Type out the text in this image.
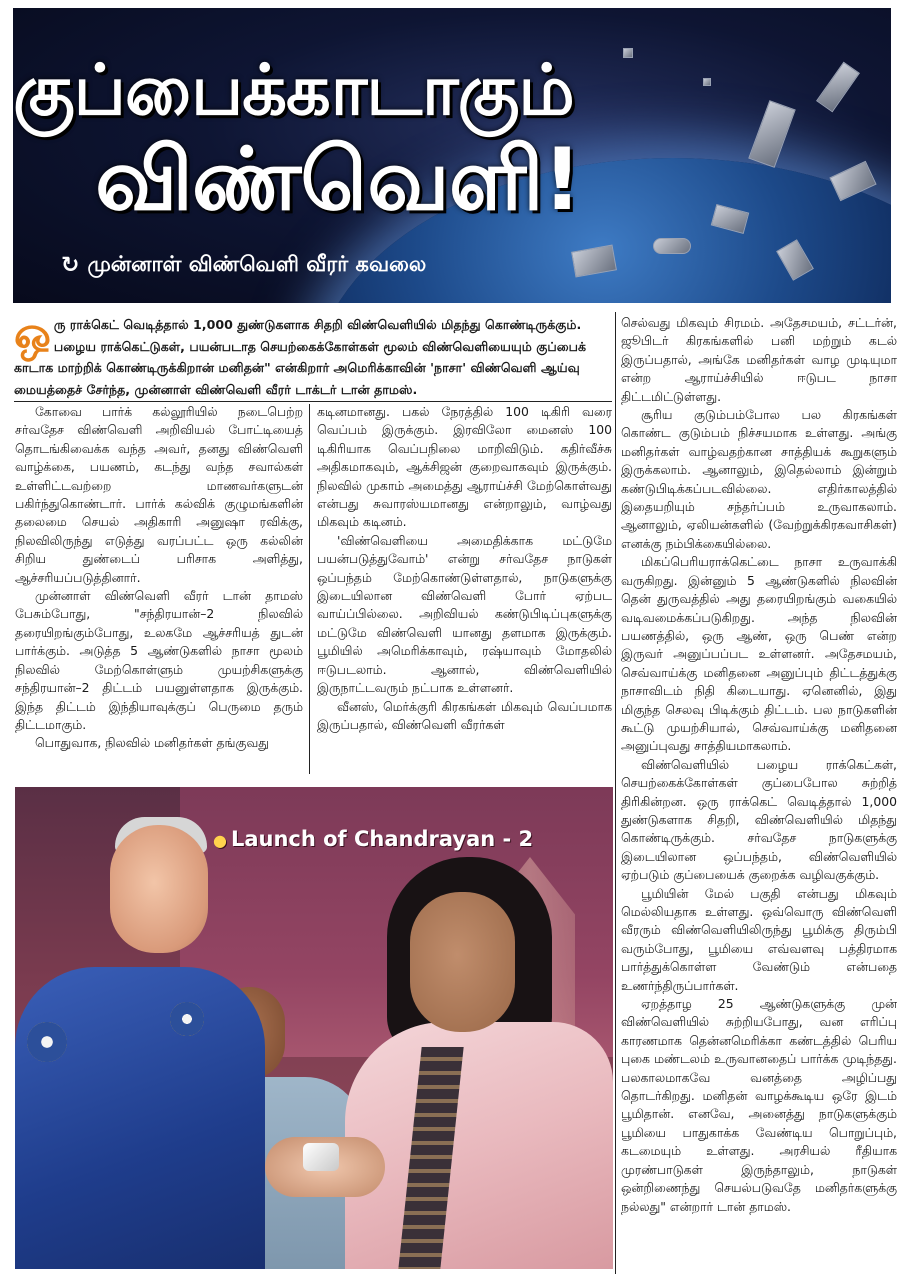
குப்பைக்காடாகும்
விண்வெளி!
↻ முன்னாள் விண்வெளி வீரர் கவலை
ஒ ரு ராக்கெட் வெடித்தால் 1,000 துண்டுகளாக சிதறி விண்வெளியில் மிதந்து கொண்டிருக்கும். பழைய ராக்கெட்டுகள், பயன்படாத செயற்கைக்கோள்கள் மூலம் விண்வெளியையும் குப்பைக் காடாக மாற்றிக் கொண்டிருக்கிறான் மனிதன்" என்கிறார் அமெரிக்காவின் 'நாசா' விண்வெளி ஆய்வு மையத்தைச் சேர்ந்த, முன்னாள் விண்வெளி வீரர் டாக்டர் டான் தாமஸ்.

கோவை பார்க் கல்லூரியில் நடைபெற்ற சர்வதேச விண்வெளி அறிவியல் போட்டியைத் தொடங்கிவைக்க வந்த அவர், தனது விண்வெளி வாழ்க்கை, பயணம், கடந்து வந்த சவால்கள் உள்ளிட்டவற்றை மாணவர்களுடன் பகிர்ந்துகொண்டார். பார்க் கல்விக் குழுமங்களின் தலைமை செயல் அதிகாரி அனுஷா ரவிக்கு, நிலவிலிருந்து எடுத்து வரப்பட்ட ஒரு கல்லின் சிறிய துண்டைப் பரிசாக அளித்து, ஆச்சரியப்படுத்தினார்.

முன்னாள் விண்வெளி வீரர் டான் தாமஸ் பேசும்போது, "சந்திரயான்–2 நிலவில் தரையிறங்கும்போது, உலகமே ஆச்சரியத் துடன் பார்க்கும். அடுத்த 5 ஆண்டுகளில் நாசா மூலம் நிலவில் மேற்கொள்ளும் முயற்சிகளுக்கு சந்திரயான்–2 திட்டம் பயனுள்ளதாக இருக்கும். இந்த திட்டம் இந்தியாவுக்குப் பெருமை தரும் திட்டமாகும்.

பொதுவாக, நிலவில் மனிதர்கள் தங்குவது

கடினமானது. பகல் நேரத்தில் 100 டிகிரி வரை வெப்பம் இருக்கும். இரவிலோ மைனஸ் 100 டிகிரியாக வெப்பநிலை மாறிவிடும். கதிர்வீச்சு அதிகமாகவும், ஆக்சிஜன் குறைவாகவும் இருக்கும். நிலவில் முகாம் அமைத்து ஆராய்ச்சி மேற்கொள்வது என்பது சுவாரஸ்யமானது என்றாலும், வாழ்வது மிகவும் கடினம்.

'விண்வெளியை அமைதிக்காக மட்டுமே பயன்படுத்துவோம்' என்று சர்வதேச நாடுகள் ஒப்பந்தம் மேற்கொண்டுள்ளதால், நாடுகளுக்கு இடையிலான விண்வெளி போர் ஏற்பட வாய்ப்பில்லை. அறிவியல் கண்டுபிடிப்புகளுக்கு மட்டுமே விண்வெளி யானது தளமாக இருக்கும். பூமியில் அமெரிக்காவும், ரஷ்யாவும் மோதலில் ஈடுபடலாம். ஆனால், விண்வெளியில் இருநாட்டவரும் நட்பாக உள்ளனர்.

வீனஸ், மெர்க்குரி கிரகங்கள் மிகவும் வெப்பமாக இருப்பதால், விண்வெளி வீரர்கள்

செல்வது மிகவும் சிரமம். அதேசமயம், சட்டர்ன், ஜூபிடர் கிரகங்களில் பனி மற்றும் கடல் இருப்பதால், அங்கே மனிதர்கள் வாழ முடியுமா என்ற ஆராய்ச்சியில் ஈடுபட நாசா திட்டமிட்டுள்ளது.

சூரிய குடும்பம்போல பல கிரகங்கள் கொண்ட குடும்பம் நிச்சயமாக உள்ளது. அங்கு மனிதர்கள் வாழ்வதற்கான சாத்தியக் கூறுகளும் இருக்கலாம். ஆனாலும், இதெல்லாம் இன்றும் கண்டுபிடிக்கப்படவில்லை. எதிர்காலத்தில் இதையறியும் சந்தர்ப்பம் உருவாகலாம். ஆனாலும், ஏலியன்களில் (வேற்றுக்கிரகவாசிகள்) எனக்கு நம்பிக்கையில்லை.

மிகப்பெரியராக்கெட்டை நாசா உருவாக்கி வருகிறது. இன்னும் 5 ஆண்டுகளில் நிலவின் தென் துருவத்தில் அது தரையிறங்கும் வகையில் வடிவமைக்கப்படுகிறது. அந்த நிலவின் பயணத்தில், ஒரு ஆண், ஒரு பெண் என்ற இருவர் அனுப்பப்பட உள்ளனர். அதேசமயம், செவ்வாய்க்கு மனிதனை அனுப்பும் திட்டத்துக்கு நாசாவிடம் நிதி கிடையாது. ஏனெனில், இது மிகுந்த செலவு பிடிக்கும் திட்டம். பல நாடுகளின் கூட்டு முயற்சியால், செவ்வாய்க்கு மனிதனை அனுப்புவது சாத்தியமாகலாம்.

விண்வெளியில் பழைய ராக்கெட்கள், செயற்கைக்கோள்கள் குப்பைபோல சுற்றித் திரிகின்றன. ஒரு ராக்கெட் வெடித்தால் 1,000 துண்டுகளாக சிதறி, விண்வெளியில் மிதந்து கொண்டிருக்கும். சர்வதேச நாடுகளுக்கு இடையிலான ஒப்பந்தம், விண்வெளியில் ஏற்படும் குப்பையைக் குறைக்க வழிவகுக்கும்.

பூமியின் மேல் பகுதி என்பது மிகவும் மெல்லியதாக உள்ளது. ஒவ்வொரு விண்வெளி வீரரும் விண்வெளியிலிருந்து பூமிக்கு திரும்பி வரும்போது, பூமியை எவ்வளவு பத்திரமாக பார்த்துக்கொள்ள வேண்டும் என்பதை உணர்ந்திருப்பார்கள்.

ஏறத்தாழ 25 ஆண்டுகளுக்கு முன் விண்வெளியில் சுற்றியபோது, வன எரிப்பு காரணமாக தென்னமெரிக்கா கண்டத்தில் பெரிய புகை மண்டலம் உருவானதைப் பார்க்க முடிந்தது. பலகாலமாகவே வனத்தை அழிப்பது தொடர்கிறது. மனிதன் வாழக்கூடிய ஒரே இடம் பூமிதான். எனவே, அனைத்து நாடுகளுக்கும் பூமியை பாதுகாக்க வேண்டிய பொறுப்பும், கடமையும் உள்ளது. அரசியல் ரீதியாக முரண்பாடுகள் இருந்தாலும், நாடுகள் ஒன்றிணைந்து செயல்படுவதே மனிதர்களுக்கு நல்லது" என்றார் டான் தாமஸ்.

● Launch of Chandrayan - 2
